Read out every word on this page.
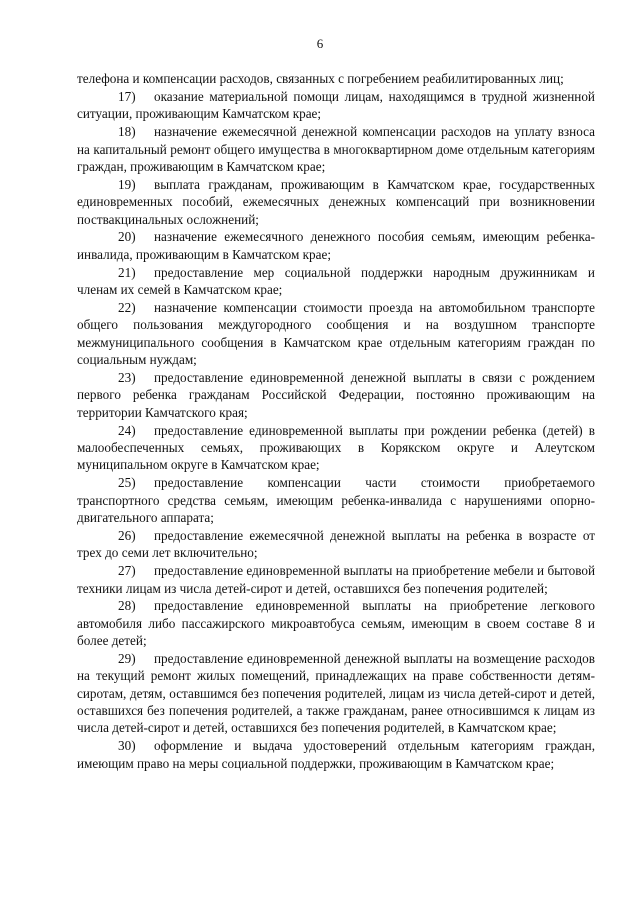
6

телефона и компенсации расходов, связанных с погребением реабилитированных лиц;

17) оказание материальной помощи лицам, находящимся в трудной жизненной ситуации, проживающим Камчатском крае;

18) назначение ежемесячной денежной компенсации расходов на уплату взноса на капитальный ремонт общего имущества в многоквартирном доме отдельным категориям граждан, проживающим в Камчатском крае;

19) выплата гражданам, проживающим в Камчатском крае, государственных единовременных пособий, ежемесячных денежных компенсаций при возникновении поствакцинальных осложнений;

20) назначение ежемесячного денежного пособия семьям, имеющим ребенка-инвалида, проживающим в Камчатском крае;

21) предоставление мер социальной поддержки народным дружинникам и членам их семей в Камчатском крае;

22) назначение компенсации стоимости проезда на автомобильном транспорте общего пользования междугородного сообщения и на воздушном транспорте межмуниципального сообщения в Камчатском крае отдельным категориям граждан по социальным нуждам;

23) предоставление единовременной денежной выплаты в связи с рождением первого ребенка гражданам Российской Федерации, постоянно проживающим на территории Камчатского края;

24) предоставление единовременной выплаты при рождении ребенка (детей) в малообеспеченных семьях, проживающих в Корякском округе и Алеутском муниципальном округе в Камчатском крае;

25) предоставление компенсации части стоимости приобретаемого транспортного средства семьям, имеющим ребенка-инвалида с нарушениями опорно-двигательного аппарата;

26) предоставление ежемесячной денежной выплаты на ребенка в возрасте от трех до семи лет включительно;

27) предоставление единовременной выплаты на приобретение мебели и бытовой техники лицам из числа детей-сирот и детей, оставшихся без попечения родителей;

28) предоставление единовременной выплаты на приобретение легкового автомобиля либо пассажирского микроавтобуса семьям, имеющим в своем составе 8 и более детей;

29) предоставление единовременной денежной выплаты на возмещение расходов на текущий ремонт жилых помещений, принадлежащих на праве собственности детям-сиротам, детям, оставшимся без попечения родителей, лицам из числа детей-сирот и детей, оставшихся без попечения родителей, а также гражданам, ранее относившимся к лицам из числа детей-сирот и детей, оставшихся без попечения родителей, в Камчатском крае;

30) оформление и выдача удостоверений отдельным категориям граждан, имеющим право на меры социальной поддержки, проживающим в Камчатском крае;
